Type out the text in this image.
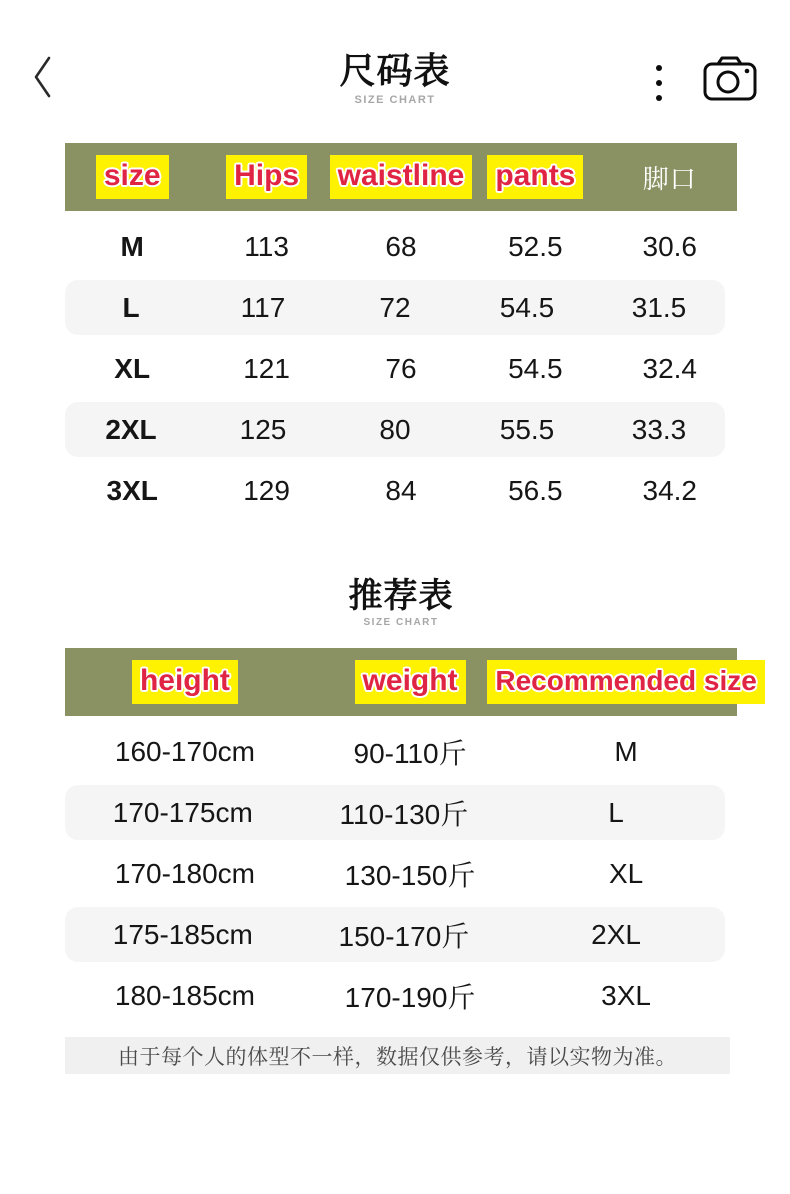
尺码表
SIZE CHART
size Hips waistline pants	脚口
M	113	68	52.5	30.6
L	117	72	54.5	31.5
XL	121	76	54.5	32.4
2XL	125	80	55.5	33.3
3XL	129	84	56.5	34.2
推荐表
SIZE CHART
height	weight Recommended size
160-170cm	90-110斤	M
170-175cm	110-130斤	L
170-180cm	130-150斤	XL
175-185cm	150-170斤	2XL
180-185cm	170-190斤	3XL
由于每个人的体型不一样，数据仅供参考，请以实物为准。
